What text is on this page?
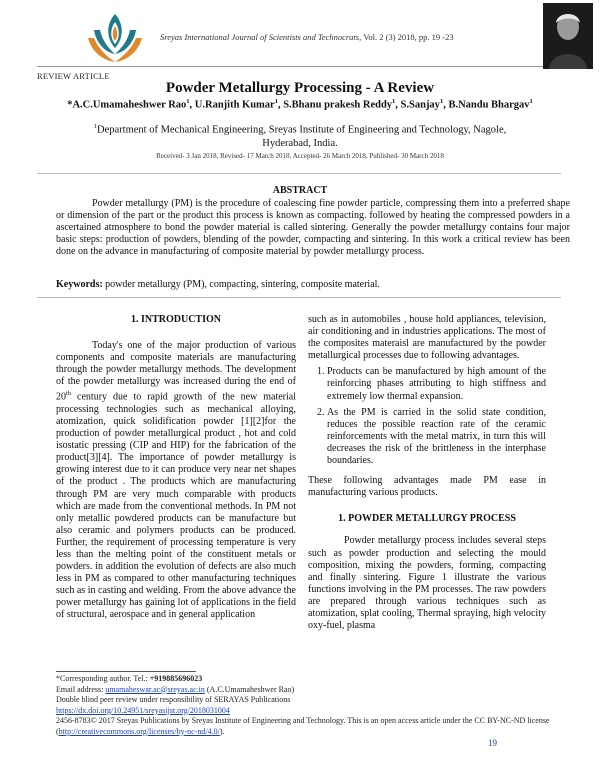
Sreyas International Journal of Scientists and Technocrats, Vol. 2 (3) 2018, pp. 19 -23
REVIEW ARTICLE
Powder Metallurgy Processing - A Review
*A.C.Umamaheshwer Rao$^1$, U.Ranjith Kumar$^1$, S.Bhanu prakesh Reddy$^1$, S.Sanjay$^1$, B.Nandu Bhargav$^1$
$^1$Department of Mechanical Engineering, Sreyas Institute of Engineering and Technology, Nagole, Hyderabad, India.
Received- 3 Jan 2018, Revised- 17 March 2018, Accepted- 26 March 2018, Published- 30 March 2018
ABSTRACT

Powder metallurgy (PM) is the procedure of coalescing fine powder particle, compressing them into a preferred shape or dimension of the part or the product this process is known as compacting. followed by heating the compressed powders in a ascertained atmosphere to bond the powder material is called sintering. Generally the powder metallurgy contains four major basic steps: production of powders, blending of the powder, compacting and sintering. In this work a critical review has been done on the advance in manufacturing of composite material by powder metallurgy process.

Keywords: powder metallurgy (PM), compacting, sintering, composite material.
1. INTRODUCTION

Today's one of the major production of various components and composite materials are manufacturing through the powder metallurgy methods. The development of the powder metallurgy was increased during the end of 20th century due to rapid growth of the new material processing technologies such as mechanical alloying, atomization, quick solidification powder [1][2]for the production of powder metallurgical product , hot and cold isostatic pressing (CIP and HIP) for the fabrication of the product[3][4]. The importance of powder metallurgy is growing interest due to it can produce very near net shapes of the product . The products which are manufacturing through PM are very much comparable with products which are made from the conventional methods. In PM not only metallic powdered products can be manufacture but also ceramic and polymers products can be produced. Further, the requirement of processing temperature is very less than the melting point of the constituent metals or powders. in addition the evolution of defects are also much less in PM as compared to other manufacturing techniques such as in casting and welding. From the above advance the power metallurgy has gaining lot of applications in the field of structural, aerospace and in general application

such as in automobiles , house hold appliances, television, air conditioning and in industries applications. The most of the composites materaisl are manufactured by the powder metallurgical processes due to following advantages.

1. Products can be manufactured by high amount of the reinforcing phases attributing to high stiffness and extremely low thermal expansion.
2. As the PM is carried in the solid state condition, reduces the possible reaction rate of the ceramic reinforcements with the metal matrix, in turn this will decreases the risk of the brittleness in the interphase boundaries.

These following advantages made PM ease in manufacturing various products.

1. POWDER METALLURGY PROCESS

Powder metallurgy process includes several steps such as powder production and selecting the mould composition, mixing the powders, forming, compacting and finally sintering. Figure 1 illustrate the various functions involving in the PM processes. The raw powders are prepared through various techniques such as atomization, splat cooling, Thermal spraying, high velocity oxy-fuel, plasma

*Corresponding author. Tel.: +919885696023

Email address: umamaheswar.ac@sreyas.ac.in (A.C.Umamaheshwer Rao)

Double blind peer review under responsibility of SERAYAS Publications

https://dx.doi.org/10.24951/sreyasijst.org/2018031004

2456-8783© 2017 Sreyas Publications by Sreyas Institute of Engineering and Technology. This is an open access article under the CC BY-NC-ND license (http://creativecommons.org/licenses/by-nc-nd/4.0/).

19
